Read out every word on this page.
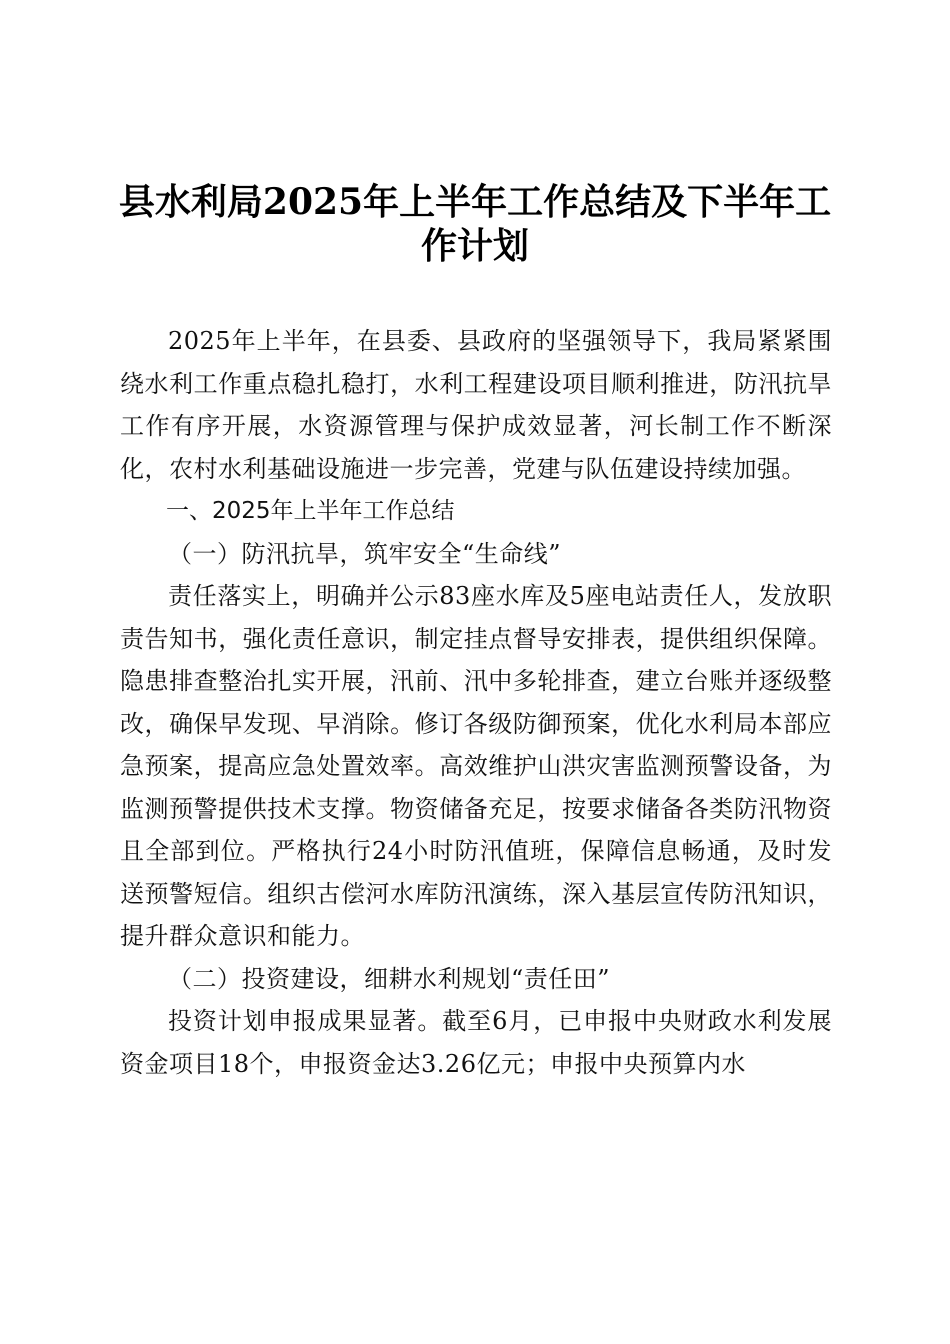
县水利局2025年上半年工作总结及下半年工
作计划

2025年上半年，在县委、县政府的坚强领导下，我局紧紧围绕水利工作重点稳扎稳打，水利工程建设项目顺利推进，防汛抗旱工作有序开展，水资源管理与保护成效显著，河长制工作不断深化，农村水利基础设施进一步完善，党建与队伍建设持续加强。

一、2025年上半年工作总结

（一）防汛抗旱，筑牢安全“生命线”

责任落实上，明确并公示83座水库及5座电站责任人，发放职责告知书，强化责任意识，制定挂点督导安排表，提供组织保障。隐患排查整治扎实开展，汛前、汛中多轮排查，建立台账并逐级整改，确保早发现、早消除。修订各级防御预案，优化水利局本部应急预案，提高应急处置效率。高效维护山洪灾害监测预警设备，为监测预警提供技术支撑。物资储备充足，按要求储备各类防汛物资且全部到位。严格执行24小时防汛值班，保障信息畅通，及时发送预警短信。组织古偿河水库防汛演练，深入基层宣传防汛知识，提升群众意识和能力。

（二）投资建设，细耕水利规划“责任田”

投资计划申报成果显著。截至6月，已申报中央财政水利发展资金项目18个，申报资金达3.26亿元；申报中央预算内水
